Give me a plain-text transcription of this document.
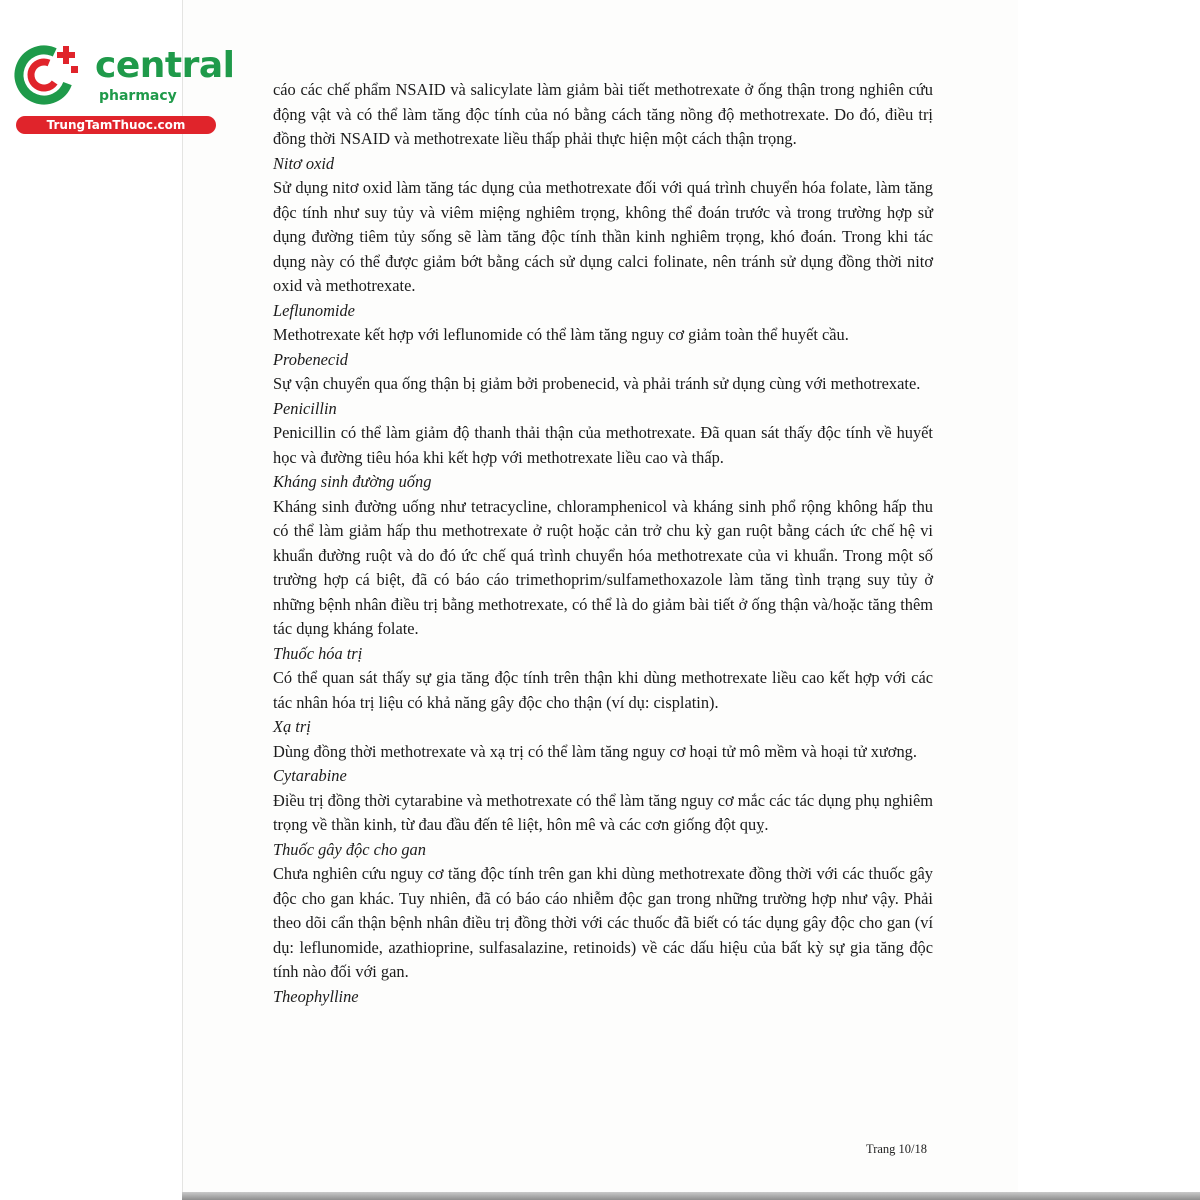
central

pharmacy

TrungTamThuoc.com

cáo các chế phẩm NSAID và salicylate làm giảm bài tiết methotrexate ở ống thận trong nghiên cứu động vật và có thể làm tăng độc tính của nó bằng cách tăng nồng độ methotrexate. Do đó, điều trị đồng thời NSAID và methotrexate liều thấp phải thực hiện một cách thận trọng.

Nitơ oxid

Sử dụng nitơ oxid làm tăng tác dụng của methotrexate đối với quá trình chuyển hóa folate, làm tăng độc tính như suy tủy và viêm miệng nghiêm trọng, không thể đoán trước và trong trường hợp sử dụng đường tiêm tủy sống sẽ làm tăng độc tính thần kinh nghiêm trọng, khó đoán. Trong khi tác dụng này có thể được giảm bớt bằng cách sử dụng calci folinate, nên tránh sử dụng đồng thời nitơ oxid và methotrexate.

Leflunomide

Methotrexate kết hợp với leflunomide có thể làm tăng nguy cơ giảm toàn thể huyết cầu.

Probenecid

Sự vận chuyển qua ống thận bị giảm bởi probenecid, và phải tránh sử dụng cùng với methotrexate.

Penicillin

Penicillin có thể làm giảm độ thanh thải thận của methotrexate. Đã quan sát thấy độc tính về huyết học và đường tiêu hóa khi kết hợp với methotrexate liều cao và thấp.

Kháng sinh đường uống

Kháng sinh đường uống như tetracycline, chloramphenicol và kháng sinh phổ rộng không hấp thu có thể làm giảm hấp thu methotrexate ở ruột hoặc cản trở chu kỳ gan ruột bằng cách ức chế hệ vi khuẩn đường ruột và do đó ức chế quá trình chuyển hóa methotrexate của vi khuẩn. Trong một số trường hợp cá biệt, đã có báo cáo trimethoprim/sulfamethoxazole làm tăng tình trạng suy tủy ở những bệnh nhân điều trị bằng methotrexate, có thể là do giảm bài tiết ở ống thận và/hoặc tăng thêm tác dụng kháng folate.

Thuốc hóa trị

Có thể quan sát thấy sự gia tăng độc tính trên thận khi dùng methotrexate liều cao kết hợp với các tác nhân hóa trị liệu có khả năng gây độc cho thận (ví dụ: cisplatin).

Xạ trị

Dùng đồng thời methotrexate và xạ trị có thể làm tăng nguy cơ hoại tử mô mềm và hoại tử xương.

Cytarabine

Điều trị đồng thời cytarabine và methotrexate có thể làm tăng nguy cơ mắc các tác dụng phụ nghiêm trọng về thần kinh, từ đau đầu đến tê liệt, hôn mê và các cơn giống đột quỵ.

Thuốc gây độc cho gan

Chưa nghiên cứu nguy cơ tăng độc tính trên gan khi dùng methotrexate đồng thời với các thuốc gây độc cho gan khác. Tuy nhiên, đã có báo cáo nhiễm độc gan trong những trường hợp như vậy. Phải theo dõi cẩn thận bệnh nhân điều trị đồng thời với các thuốc đã biết có tác dụng gây độc cho gan (ví dụ: leflunomide, azathioprine, sulfasalazine, retinoids) về các dấu hiệu của bất kỳ sự gia tăng độc tính nào đối với gan.

Theophylline

Trang 10/18
